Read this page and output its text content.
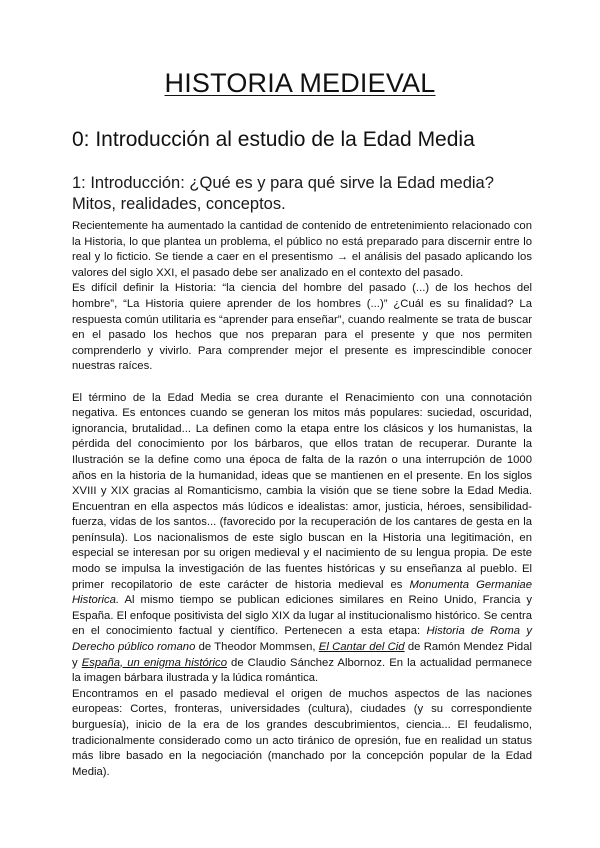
HISTORIA MEDIEVAL
0: Introducción al estudio de la Edad Media
1: Introducción: ¿Qué es y para qué sirve la Edad media? Mitos, realidades, conceptos.

Recientemente ha aumentado la cantidad de contenido de entretenimiento relacionado con la Historia, lo que plantea un problema, el público no está preparado para discernir entre lo real y lo ficticio. Se tiende a caer en el presentismo → el análisis del pasado aplicando los valores del siglo XXI, el pasado debe ser analizado en el contexto del pasado.

Es difícil definir la Historia: “la ciencia del hombre del pasado (...) de los hechos del hombre”, “La Historia quiere aprender de los hombres (...)” ¿Cuál es su finalidad? La respuesta común utilitaria es “aprender para enseñar”, cuando realmente se trata de buscar en el pasado los hechos que nos preparan para el presente y que nos permiten comprenderlo y vivirlo. Para comprender mejor el presente es imprescindible conocer nuestras raíces.

El término de la Edad Media se crea durante el Renacimiento con una connotación negativa. Es entonces cuando se generan los mitos más populares: suciedad, oscuridad, ignorancia, brutalidad... La definen como la etapa entre los clásicos y los humanistas, la pérdida del conocimiento por los bárbaros, que ellos tratan de recuperar. Durante la Ilustración se la define como una época de falta de la razón o una interrupción de 1000 años en la historia de la humanidad, ideas que se mantienen en el presente. En los siglos XVIII y XIX gracias al Romanticismo, cambia la visión que se tiene sobre la Edad Media. Encuentran en ella aspectos más lúdicos e idealistas: amor, justicia, héroes, sensibilidad-fuerza, vidas de los santos... (favorecido por la recuperación de los cantares de gesta en la península). Los nacionalismos de este siglo buscan en la Historia una legitimación, en especial se interesan por su origen medieval y el nacimiento de su lengua propia. De este modo se impulsa la investigación de las fuentes históricas y su enseñanza al pueblo. El primer recopilatorio de este carácter de historia medieval es Monumenta Germaniae Historica. Al mismo tiempo se publican ediciones similares en Reino Unido, Francia y España. El enfoque positivista del siglo XIX da lugar al institucionalismo histórico. Se centra en el conocimiento factual y científico. Pertenecen a esta etapa: Historia de Roma y Derecho público romano de Theodor Mommsen, El Cantar del Cid de Ramón Mendez Pidal y España, un enigma histórico de Claudio Sánchez Albornoz. En la actualidad permanece la imagen bárbara ilustrada y la lúdica romántica.

Encontramos en el pasado medieval el origen de muchos aspectos de las naciones europeas: Cortes, fronteras, universidades (cultura), ciudades (y su correspondiente burguesía), inicio de la era de los grandes descubrimientos, ciencia... El feudalismo, tradicionalmente considerado como un acto tiránico de opresión, fue en realidad un status más libre basado en la negociación (manchado por la concepción popular de la Edad Media).
